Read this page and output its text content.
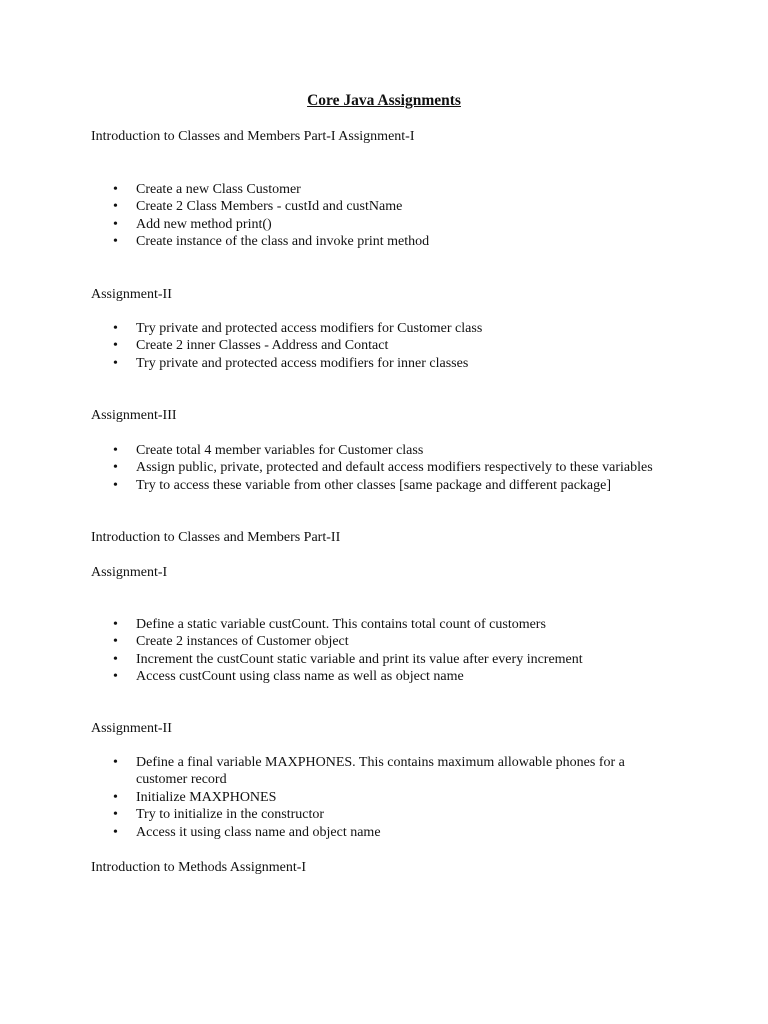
Core Java Assignments

Introduction to Classes and Members Part-I Assignment-I

• Create a new Class Customer
• Create 2 Class Members - custId and custName
• Add new method print()
• Create instance of the class and invoke print method

Assignment-II

• Try private and protected access modifiers for Customer class
• Create 2 inner Classes - Address and Contact
• Try private and protected access modifiers for inner classes

Assignment-III

• Create total 4 member variables for Customer class
• Assign public, private, protected and default access modifiers respectively to these variables
• Try to access these variable from other classes [same package and different package]

Introduction to Classes and Members Part-II

Assignment-I

• Define a static variable custCount. This contains total count of customers
• Create 2 instances of Customer object
• Increment the custCount static variable and print its value after every increment
• Access custCount using class name as well as object name

Assignment-II

• Define a final variable MAXPHONES. This contains maximum allowable phones for a customer record
• Initialize MAXPHONES
• Try to initialize in the constructor
• Access it using class name and object name

Introduction to Methods Assignment-I
